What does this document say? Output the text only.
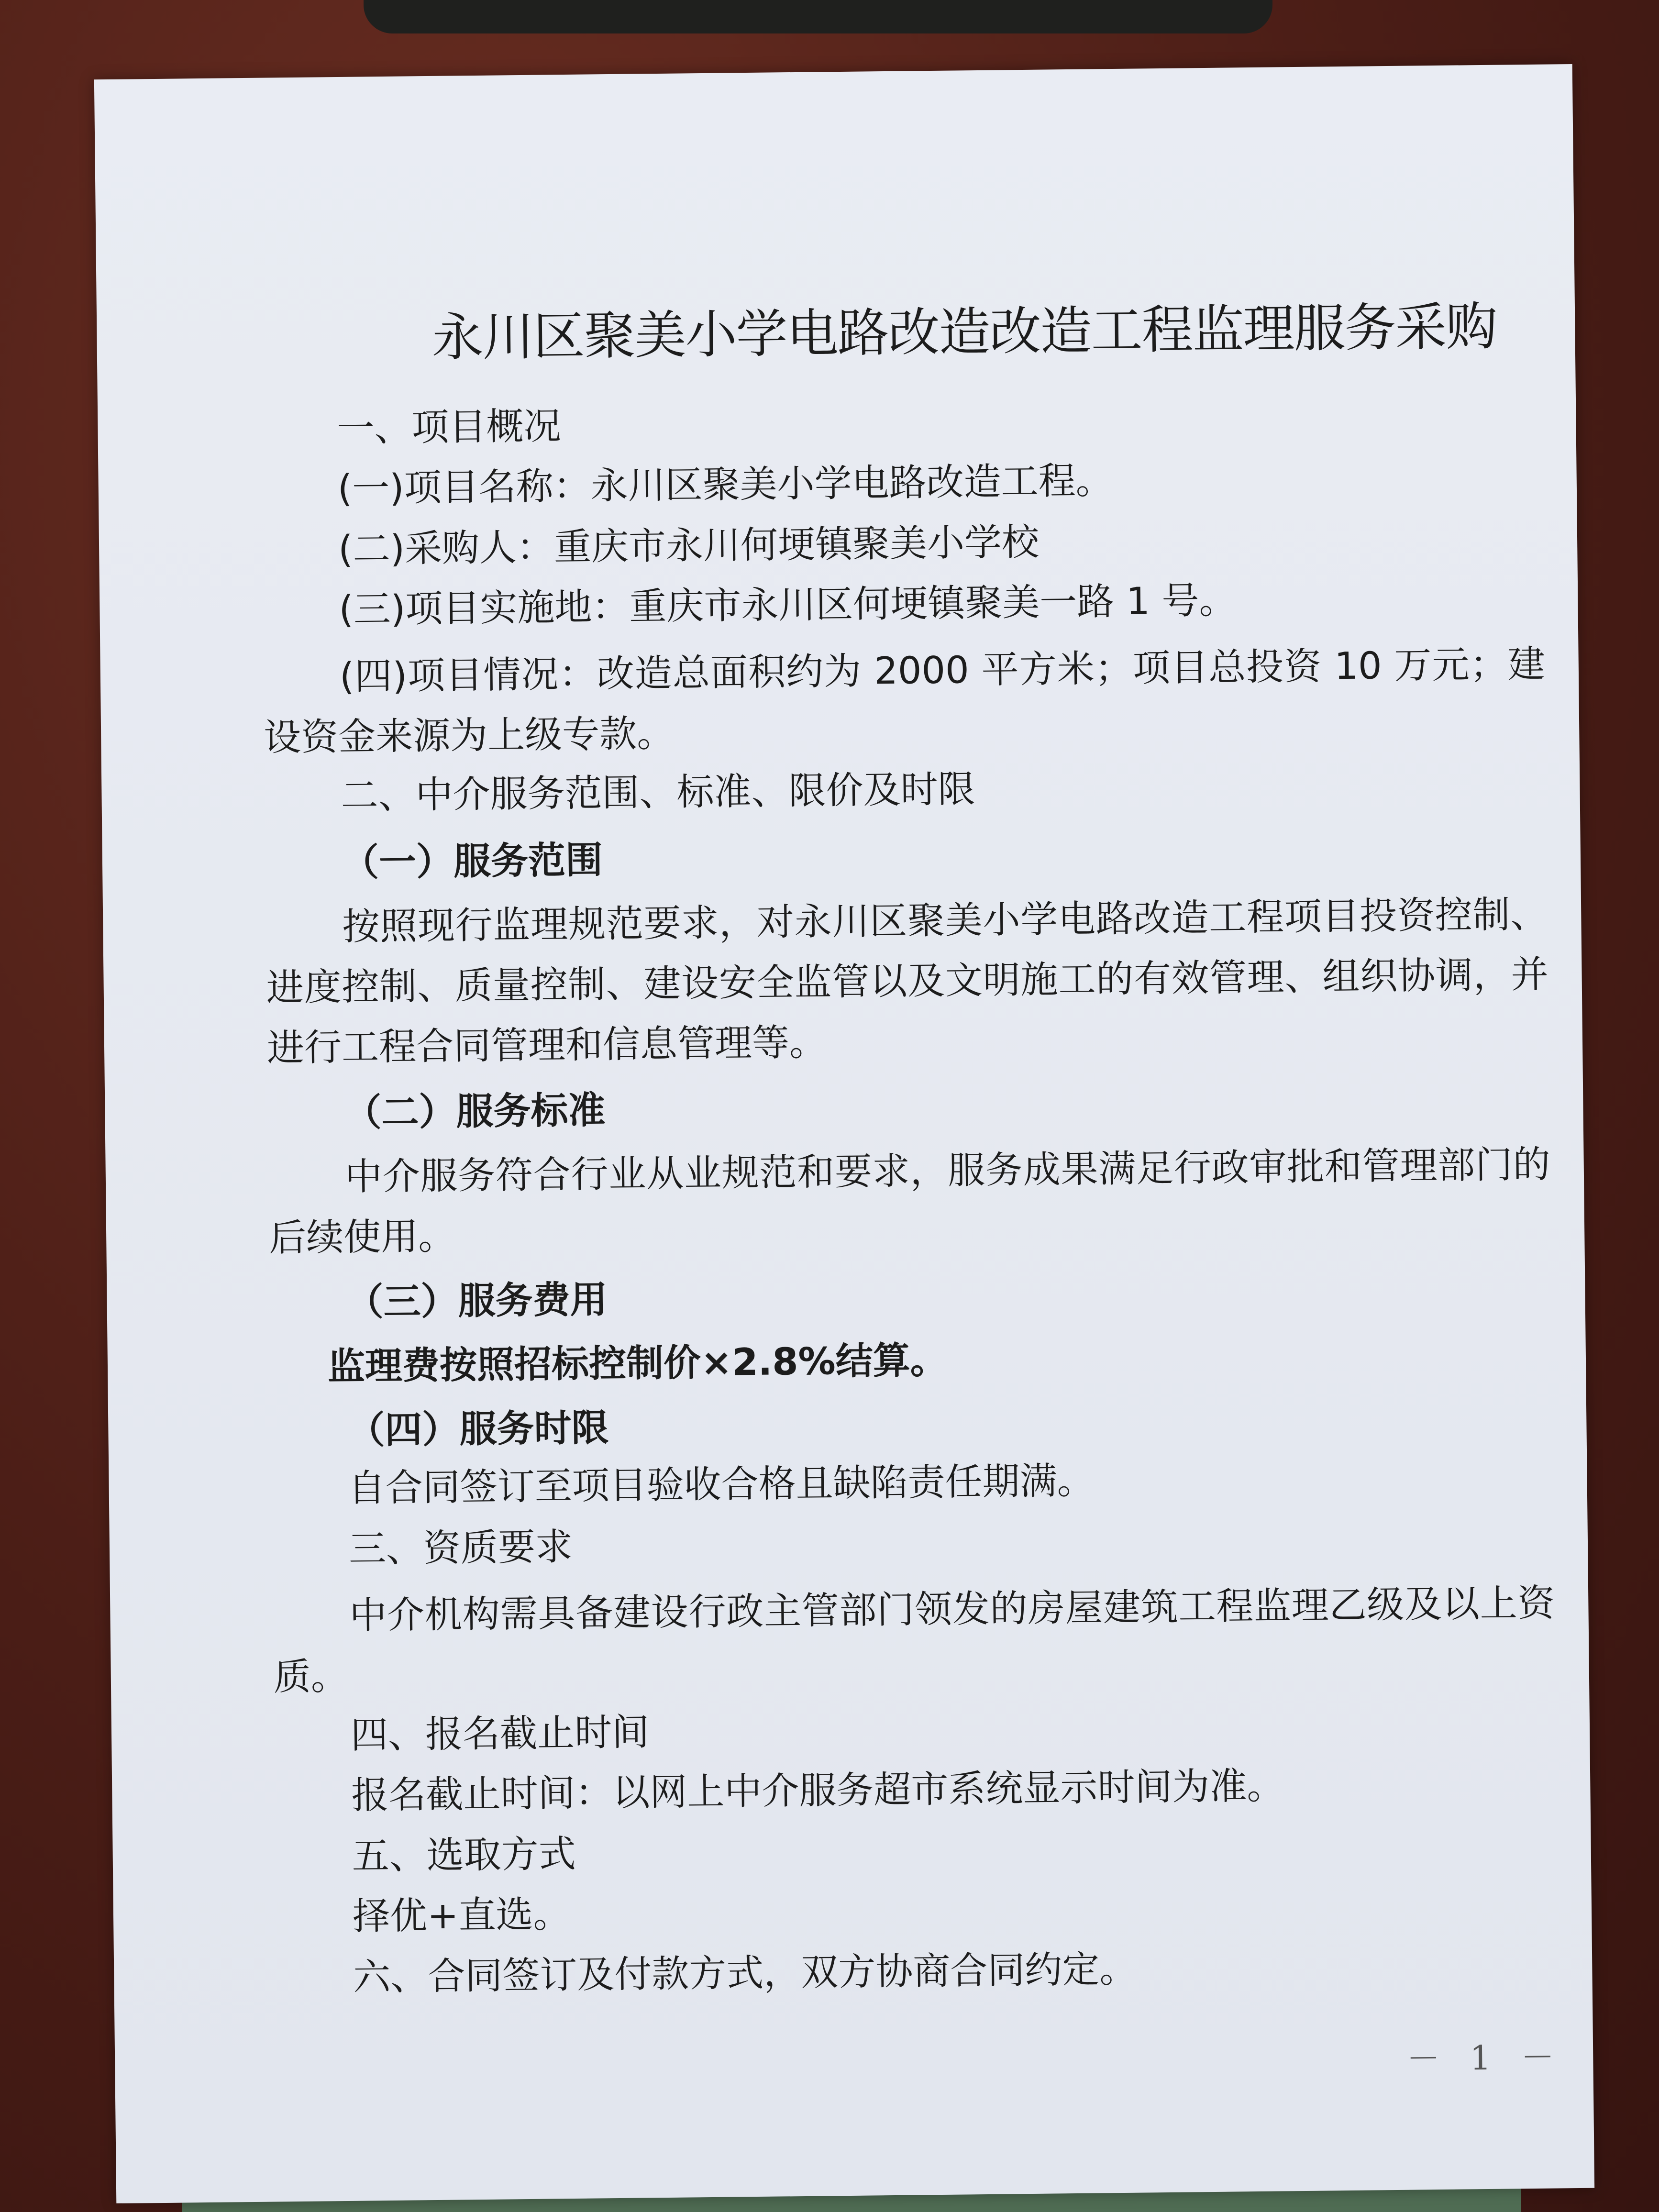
永川区聚美小学电路改造改造工程监理服务采购
一、项目概况
(一)项目名称：永川区聚美小学电路改造工程。
(二)采购人：重庆市永川何埂镇聚美小学校
(三)项目实施地：重庆市永川区何埂镇聚美一路 1 号。
(四)项目情况：改造总面积约为 2000 平方米；项目总投资 10 万元；建设资金来源为上级专款。
二、中介服务范围、标准、限价及时限
（一）服务范围
按照现行监理规范要求，对永川区聚美小学电路改造工程项目投资控制、进度控制、质量控制、建设安全监管以及文明施工的有效管理、组织协调，并进行工程合同管理和信息管理等。
（二）服务标准
中介服务符合行业从业规范和要求，服务成果满足行政审批和管理部门的后续使用。
（三）服务费用
监理费按照招标控制价×2.8%结算。
（四）服务时限
自合同签订至项目验收合格且缺陷责任期满。
三、资质要求
中介机构需具备建设行政主管部门领发的房屋建筑工程监理乙级及以上资质。
四、报名截止时间
报名截止时间：以网上中介服务超市系统显示时间为准。
五、选取方式
择优+直选。
六、合同签订及付款方式，双方协商合同约定。
－ 1 －
